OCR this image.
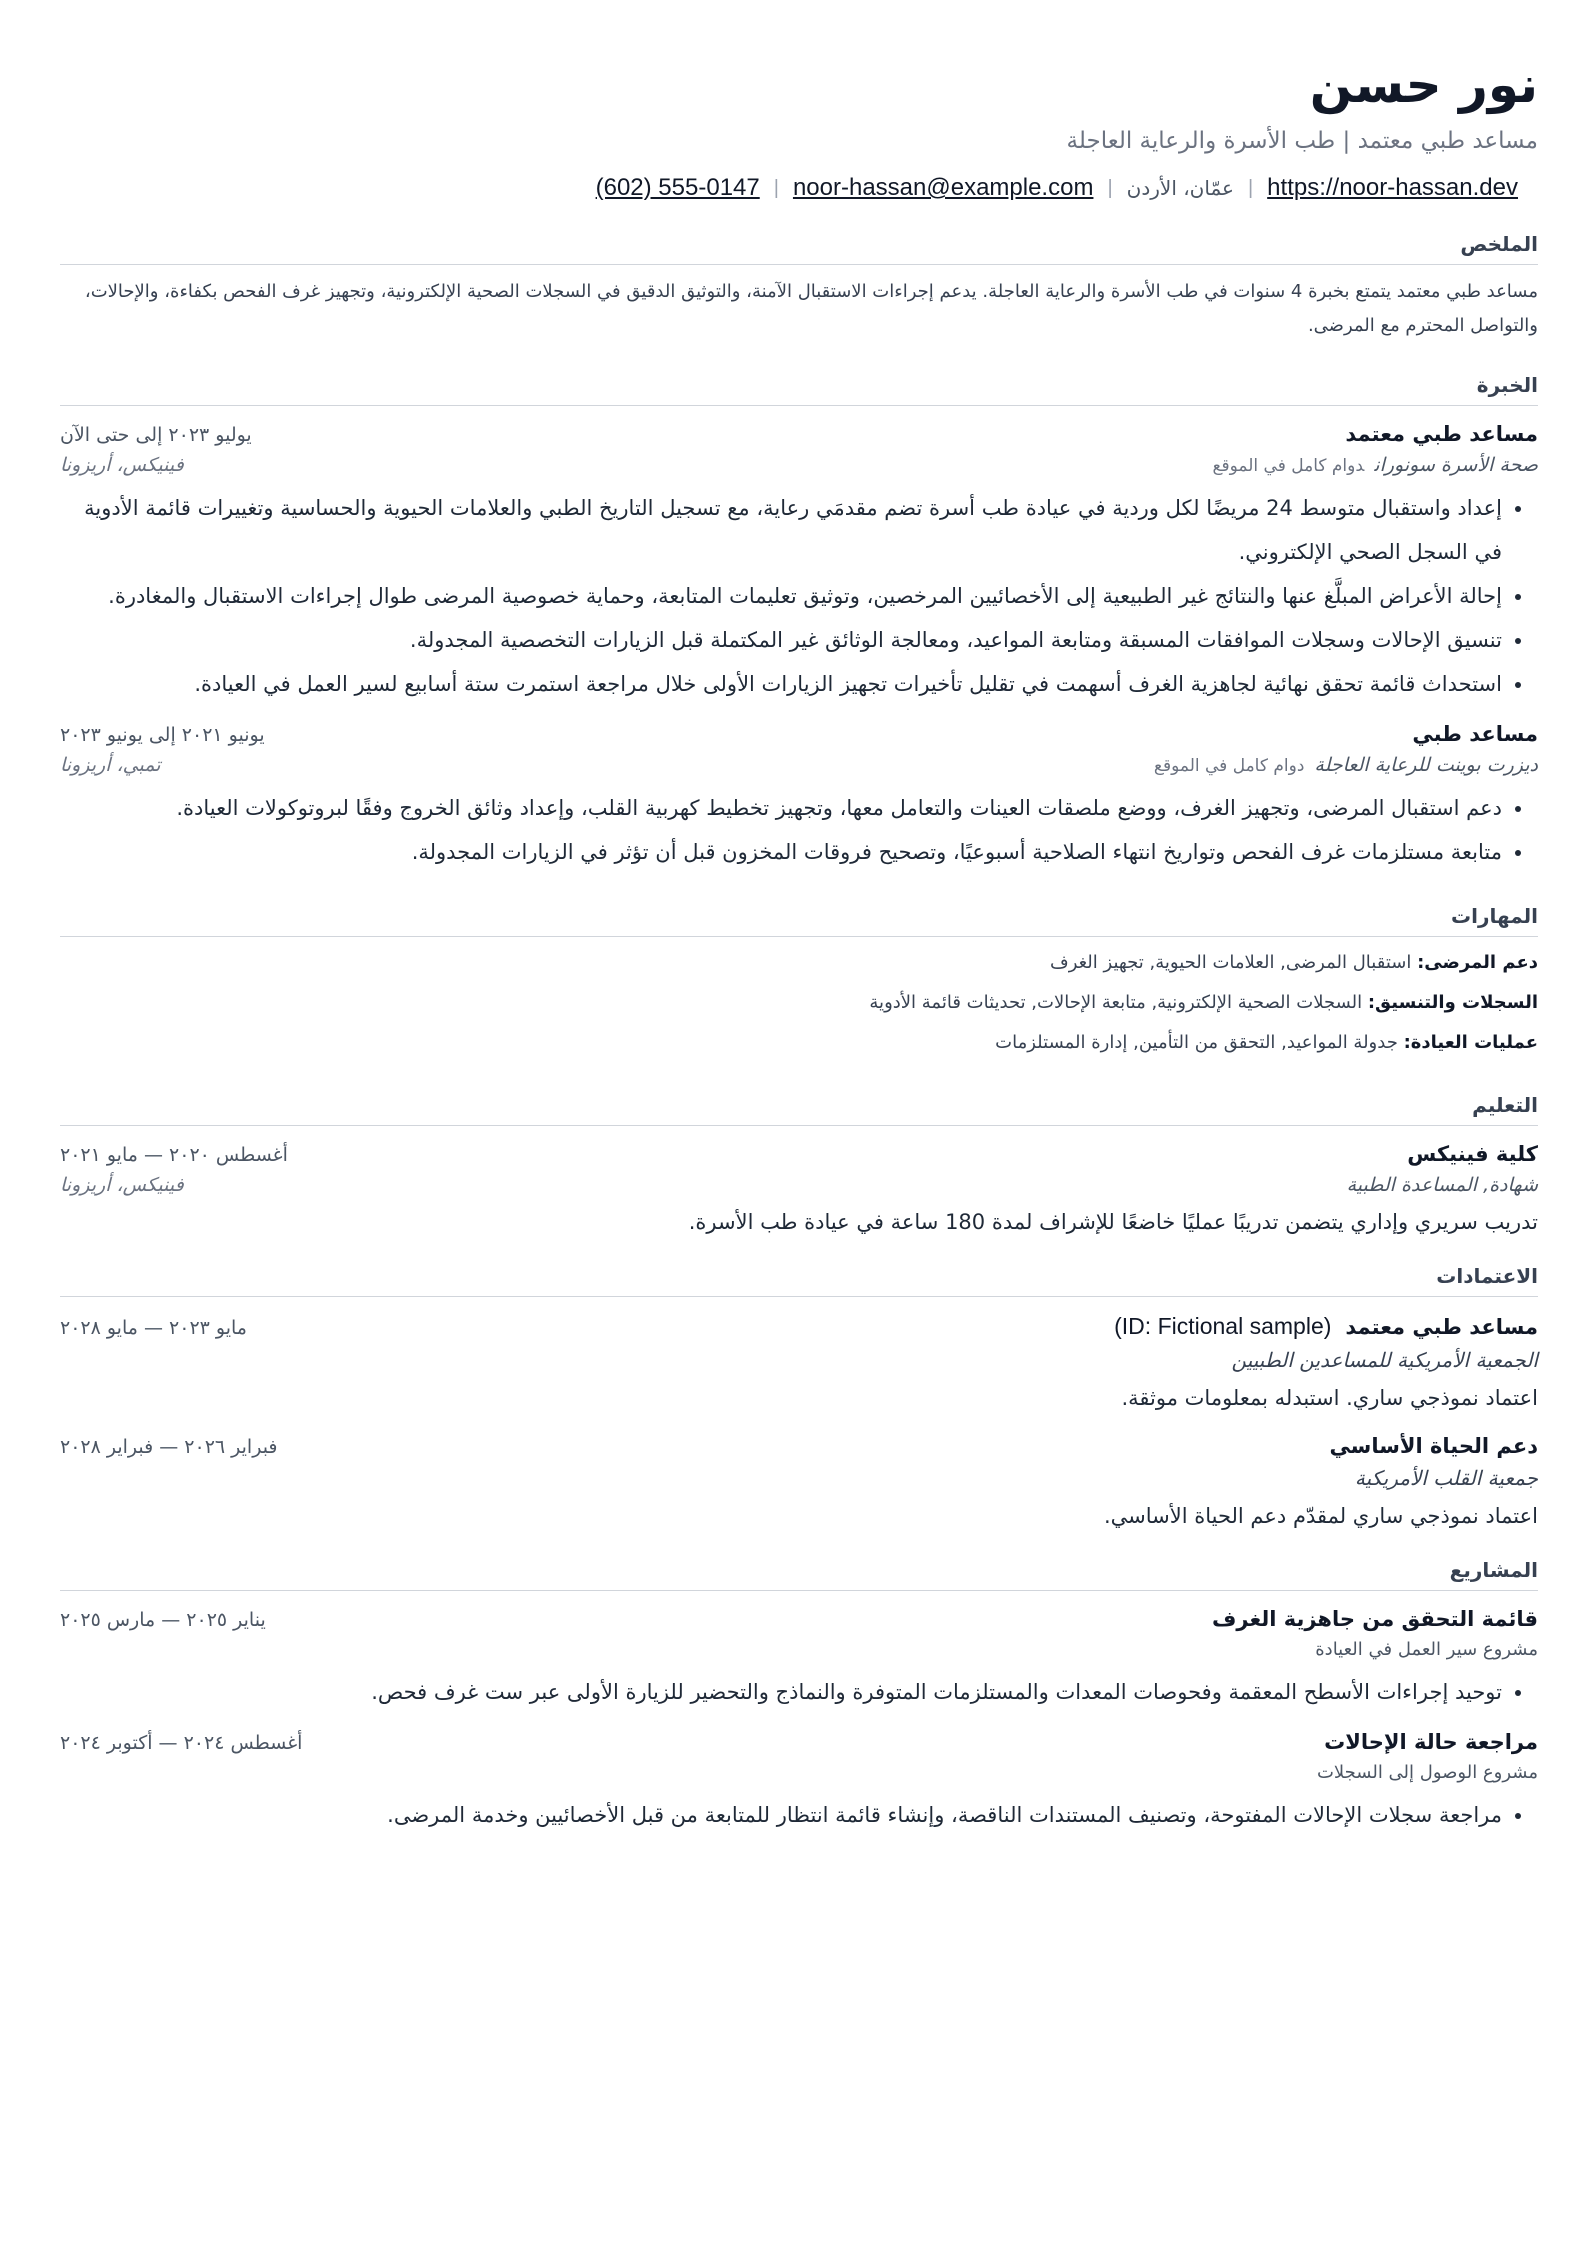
نور حسن
مساعد طبي معتمد | طب الأسرة والرعاية العاجلة
(602) 555-0147 | noor-hassan@example.com | عمّان، الأردن | https://noor-hassan.dev
الملخص
مساعد طبي معتمد يتمتع بخبرة 4 سنوات في طب الأسرة والرعاية العاجلة. يدعم إجراءات الاستقبال الآمنة، والتوثيق الدقيق في السجلات الصحية الإلكترونية، وتجهيز غرف الفحص بكفاءة، والإحالات، والتواصل المحترم مع المرضى.
الخبرة
مساعد طبي معتمد
يوليو ٢٠٢٣ إلى حتى الآن
صحة الأسرة سونوراندوام كامل في الموقع
فينيكس، أريزونا
• إعداد واستقبال متوسط 24 مريضًا لكل وردية في عيادة طب أسرة تضم مقدمَي رعاية، مع تسجيل التاريخ الطبي والعلامات الحيوية والحساسية وتغييرات قائمة الأدوية في السجل الصحي الإلكتروني.
• إحالة الأعراض المبلَّغ عنها والنتائج غير الطبيعية إلى الأخصائيين المرخصين، وتوثيق تعليمات المتابعة، وحماية خصوصية المرضى طوال إجراءات الاستقبال والمغادرة.
• تنسيق الإحالات وسجلات الموافقات المسبقة ومتابعة المواعيد، ومعالجة الوثائق غير المكتملة قبل الزيارات التخصصية المجدولة.
• استحداث قائمة تحقق نهائية لجاهزية الغرف أسهمت في تقليل تأخيرات تجهيز الزيارات الأولى خلال مراجعة استمرت ستة أسابيع لسير العمل في العيادة.
مساعد طبي
يونيو ٢٠٢١ إلى يونيو ٢٠٢٣
ديزرت بوينت للرعاية العاجلةدوام كامل في الموقع
تمبي، أريزونا
• دعم استقبال المرضى، وتجهيز الغرف، ووضع ملصقات العينات والتعامل معها، وتجهيز تخطيط كهربية القلب، وإعداد وثائق الخروج وفقًا لبروتوكولات العيادة.
• متابعة مستلزمات غرف الفحص وتواريخ انتهاء الصلاحية أسبوعيًا، وتصحيح فروقات المخزون قبل أن تؤثر في الزيارات المجدولة.
المهارات
دعم المرضى: استقبال المرضى, العلامات الحيوية, تجهيز الغرف
السجلات والتنسيق: السجلات الصحية الإلكترونية, متابعة الإحالات, تحديثات قائمة الأدوية
عمليات العيادة: جدولة المواعيد, التحقق من التأمين, إدارة المستلزمات
التعليم
كلية فينيكس
أغسطس ٢٠٢٠ — مايو ٢٠٢١
شهادة, المساعدة الطبية
فينيكس، أريزونا
تدريب سريري وإداري يتضمن تدريبًا عمليًا خاضعًا للإشراف لمدة 180 ساعة في عيادة طب الأسرة.
الاعتمادات
مساعد طبي معتمد(ID: Fictional sample)
مايو ٢٠٢٣ — مايو ٢٠٢٨
الجمعية الأمريكية للمساعدين الطبيين
اعتماد نموذجي ساري. استبدله بمعلومات موثقة.
دعم الحياة الأساسي
فبراير ٢٠٢٦ — فبراير ٢٠٢٨
جمعية القلب الأمريكية
اعتماد نموذجي ساري لمقدّم دعم الحياة الأساسي.
المشاريع
قائمة التحقق من جاهزية الغرف
يناير ٢٠٢٥ — مارس ٢٠٢٥
مشروع سير العمل في العيادة
• توحيد إجراءات الأسطح المعقمة وفحوصات المعدات والمستلزمات المتوفرة والنماذج والتحضير للزيارة الأولى عبر ست غرف فحص.
مراجعة حالة الإحالات
أغسطس ٢٠٢٤ — أكتوبر ٢٠٢٤
مشروع الوصول إلى السجلات
• مراجعة سجلات الإحالات المفتوحة، وتصنيف المستندات الناقصة، وإنشاء قائمة انتظار للمتابعة من قبل الأخصائيين وخدمة المرضى.
